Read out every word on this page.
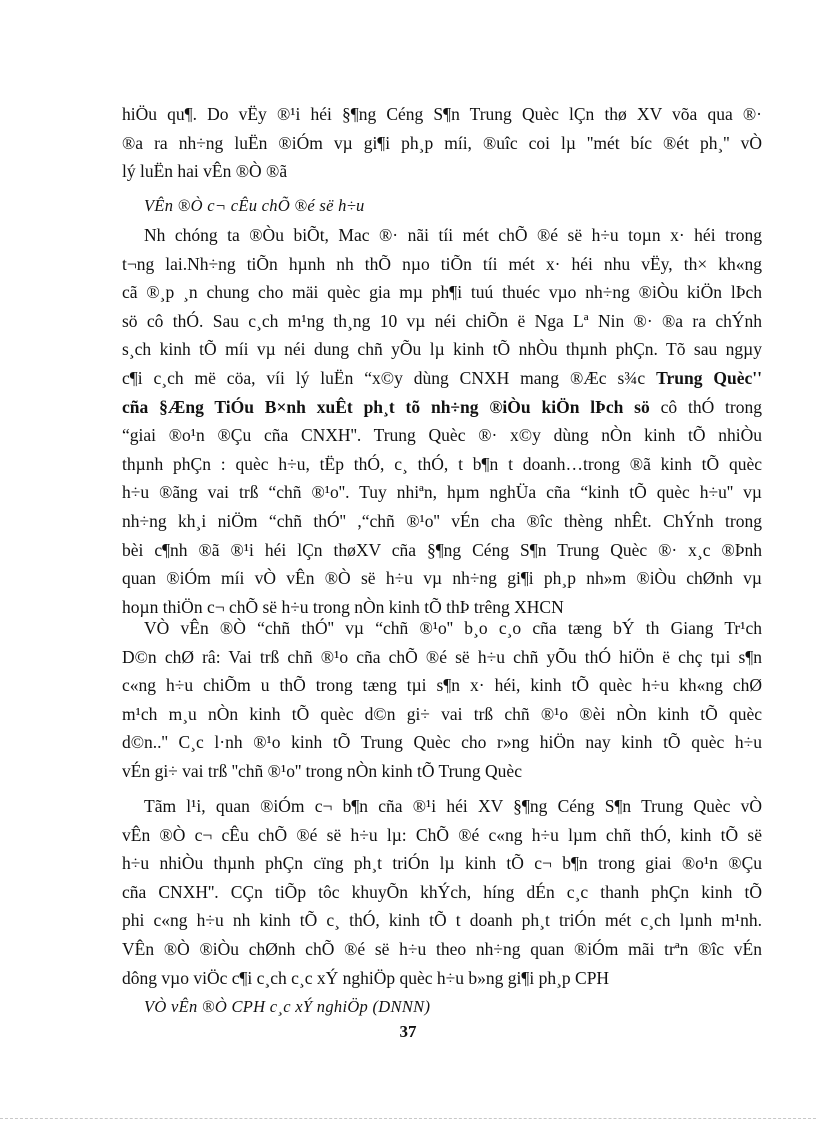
hiÖu qu¶. Do vËy ®¹i héi §¶ng Céng S¶n Trung Quèc lÇn thø XV võa qua ®·
®a ra nh÷ng luËn ®iÓm vµ gi¶i ph¸p míi, ®uîc coi lµ ''mét bíc ®ét ph¸'' vÒ
lý luËn hai vÊn ®Ò ®ã
VÊn ®Ò c¬ cÊu chÕ ®é së h÷u
Nh chóng ta ®Òu biÕt, Mac ®· nãi tíi mét chÕ ®é së h÷u toµn x· héi trong
t¬ng lai.Nh÷ng tiÕn hµnh nh thÕ nµo tiÕn tíi mét x· héi nhu vËy, th× kh«ng
cã ®¸p ¸n chung cho mäi quèc gia mµ ph¶i tuú thuéc vµo nh÷ng ®iÒu kiÖn lÞch
sö cô thÓ. Sau c¸ch m¹ng th¸ng 10 vµ néi chiÕn ë Nga Lª Nin ®· ®a ra chÝnh
s¸ch kinh tÕ míi vµ néi dung chñ yÕu lµ kinh tÕ nhÒu thµnh phÇn. Tõ sau ngµy
c¶i c¸ch më cöa, víi lý luËn “x©y dùng CNXH mang ®Æc s¾c Trung Quèc''
cña §Æng TiÓu B×nh xuÊt ph¸t tõ nh÷ng ®iÒu kiÖn lÞch sö cô thÓ trong
“giai ®o¹n ®Çu cña CNXH''. Trung Quèc ®· x©y dùng nÒn kinh tÕ nhiÒu
thµnh phÇn : quèc h÷u, tËp thÓ, c¸ thÓ, t b¶n t doanh…trong ®ã kinh tÕ quèc
h÷u ®ãng vai trß “chñ ®¹o''. Tuy nhiªn, hµm nghÜa cña “kinh tÕ quèc h÷u'' vµ
nh÷ng kh¸i niÖm “chñ thÓ'' ,“chñ ®¹o'' vÉn cha ®îc thèng nhÊt. ChÝnh trong
bèi c¶nh ®ã ®¹i héi lÇn thøXV cña §¶ng Céng S¶n Trung Quèc ®· x¸c ®Þnh
quan ®iÓm míi vÒ vÊn ®Ò së h÷u vµ nh÷ng gi¶i ph¸p nh»m ®iÒu chØnh vµ
hoµn thiÖn c¬ chÕ së h÷u trong nÒn kinh tÕ thÞ trêng XHCN
VÒ vÊn ®Ò “chñ thÓ'' vµ “chñ ®¹o'' b¸o c¸o cña tæng bÝ th Giang Tr¹ch
D©n chØ râ: Vai trß chñ ®¹o cña chÕ ®é së h÷u chñ yÕu thÓ hiÖn ë chç tµi s¶n
c«ng h÷u chiÕm u thÕ trong tæng tµi s¶n x· héi, kinh tÕ quèc h÷u kh«ng chØ
m¹ch m¸u nÒn kinh tÕ quèc d©n gi÷ vai trß chñ ®¹o ®èi nÒn kinh tÕ quèc
d©n..'' C¸c l·nh ®¹o kinh tÕ Trung Quèc cho r»ng hiÖn nay kinh tÕ quèc h÷u
vÉn gi÷ vai trß ''chñ ®¹o'' trong nÒn kinh tÕ Trung Quèc
Tãm l¹i, quan ®iÓm c¬ b¶n cña ®¹i héi XV §¶ng Céng S¶n Trung Quèc vÒ
vÊn ®Ò c¬ cÊu chÕ ®é së h÷u lµ: ChÕ ®é c«ng h÷u lµm chñ thÓ, kinh tÕ së
h÷u nhiÒu thµnh phÇn cïng ph¸t triÓn lµ kinh tÕ c¬ b¶n trong giai ®o¹n ®Çu
cña CNXH''. CÇn tiÕp tôc khuyÕn khÝch, híng dÉn c¸c thanh phÇn kinh tÕ
phi c«ng h÷u nh kinh tÕ c¸ thÓ, kinh tÕ t doanh ph¸t triÓn mét c¸ch lµnh m¹nh.
VÊn ®Ò ®iÒu chØnh chÕ ®é së h÷u theo nh÷ng quan ®iÓm mãi trªn ®îc vÉn
dông vµo viÖc c¶i c¸ch c¸c xÝ nghiÖp quèc h÷u b»ng gi¶i ph¸p CPH
VÒ vÊn ®Ò CPH c¸c xÝ nghiÖp (DNNN)
37
